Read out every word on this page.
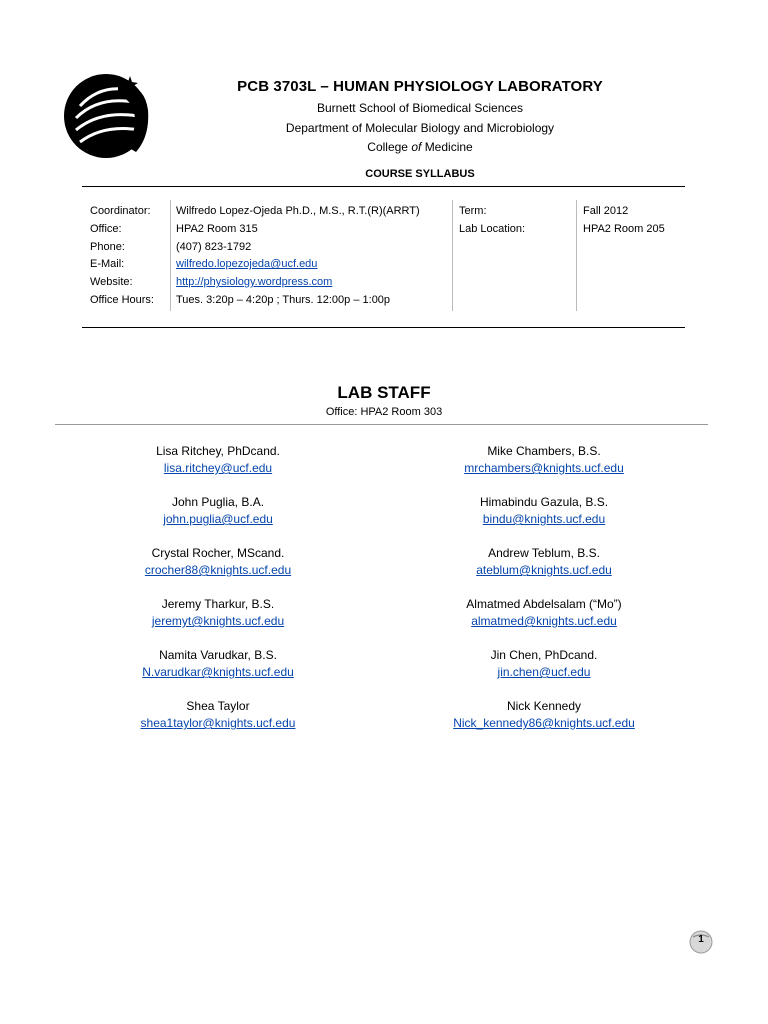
PCB 3703L – HUMAN PHYSIOLOGY LABORATORY
Burnett School of Biomedical Sciences
Department of Molecular Biology and Microbiology
College of Medicine
COURSE SYLLABUS
Coordinator:
Office:
Phone:
E-Mail:
Website:
Office Hours:
Wilfredo Lopez-Ojeda Ph.D., M.S., R.T.(R)(ARRT)
HPA2 Room 315
(407) 823-1792
wilfredo.lopezojeda@ucf.edu
http://physiology.wordpress.com
Tues. 3:20p – 4:20p ; Thurs. 12:00p – 1:00p
Term:
Lab Location:
Fall 2012
HPA2 Room 205
LAB STAFF
Office: HPA2 Room 303
Lisa Ritchey, PhDcand.
lisa.ritchey@ucf.edu
John Puglia, B.A.
john.puglia@ucf.edu
Crystal Rocher, MScand.
crocher88@knights.ucf.edu
Jeremy Tharkur, B.S.
jeremyt@knights.ucf.edu
Namita Varudkar, B.S.
N.varudkar@knights.ucf.edu
Shea Taylor
shea1taylor@knights.ucf.edu
Mike Chambers, B.S.
mrchambers@knights.ucf.edu
Himabindu Gazula, B.S.
bindu@knights.ucf.edu
Andrew Teblum, B.S.
ateblum@knights.ucf.edu
Almatmed Abdelsalam (“Mo”)
almatmed@knights.ucf.edu
Jin Chen, PhDcand.
jin.chen@ucf.edu
Nick Kennedy
Nick_kennedy86@knights.ucf.edu
1
